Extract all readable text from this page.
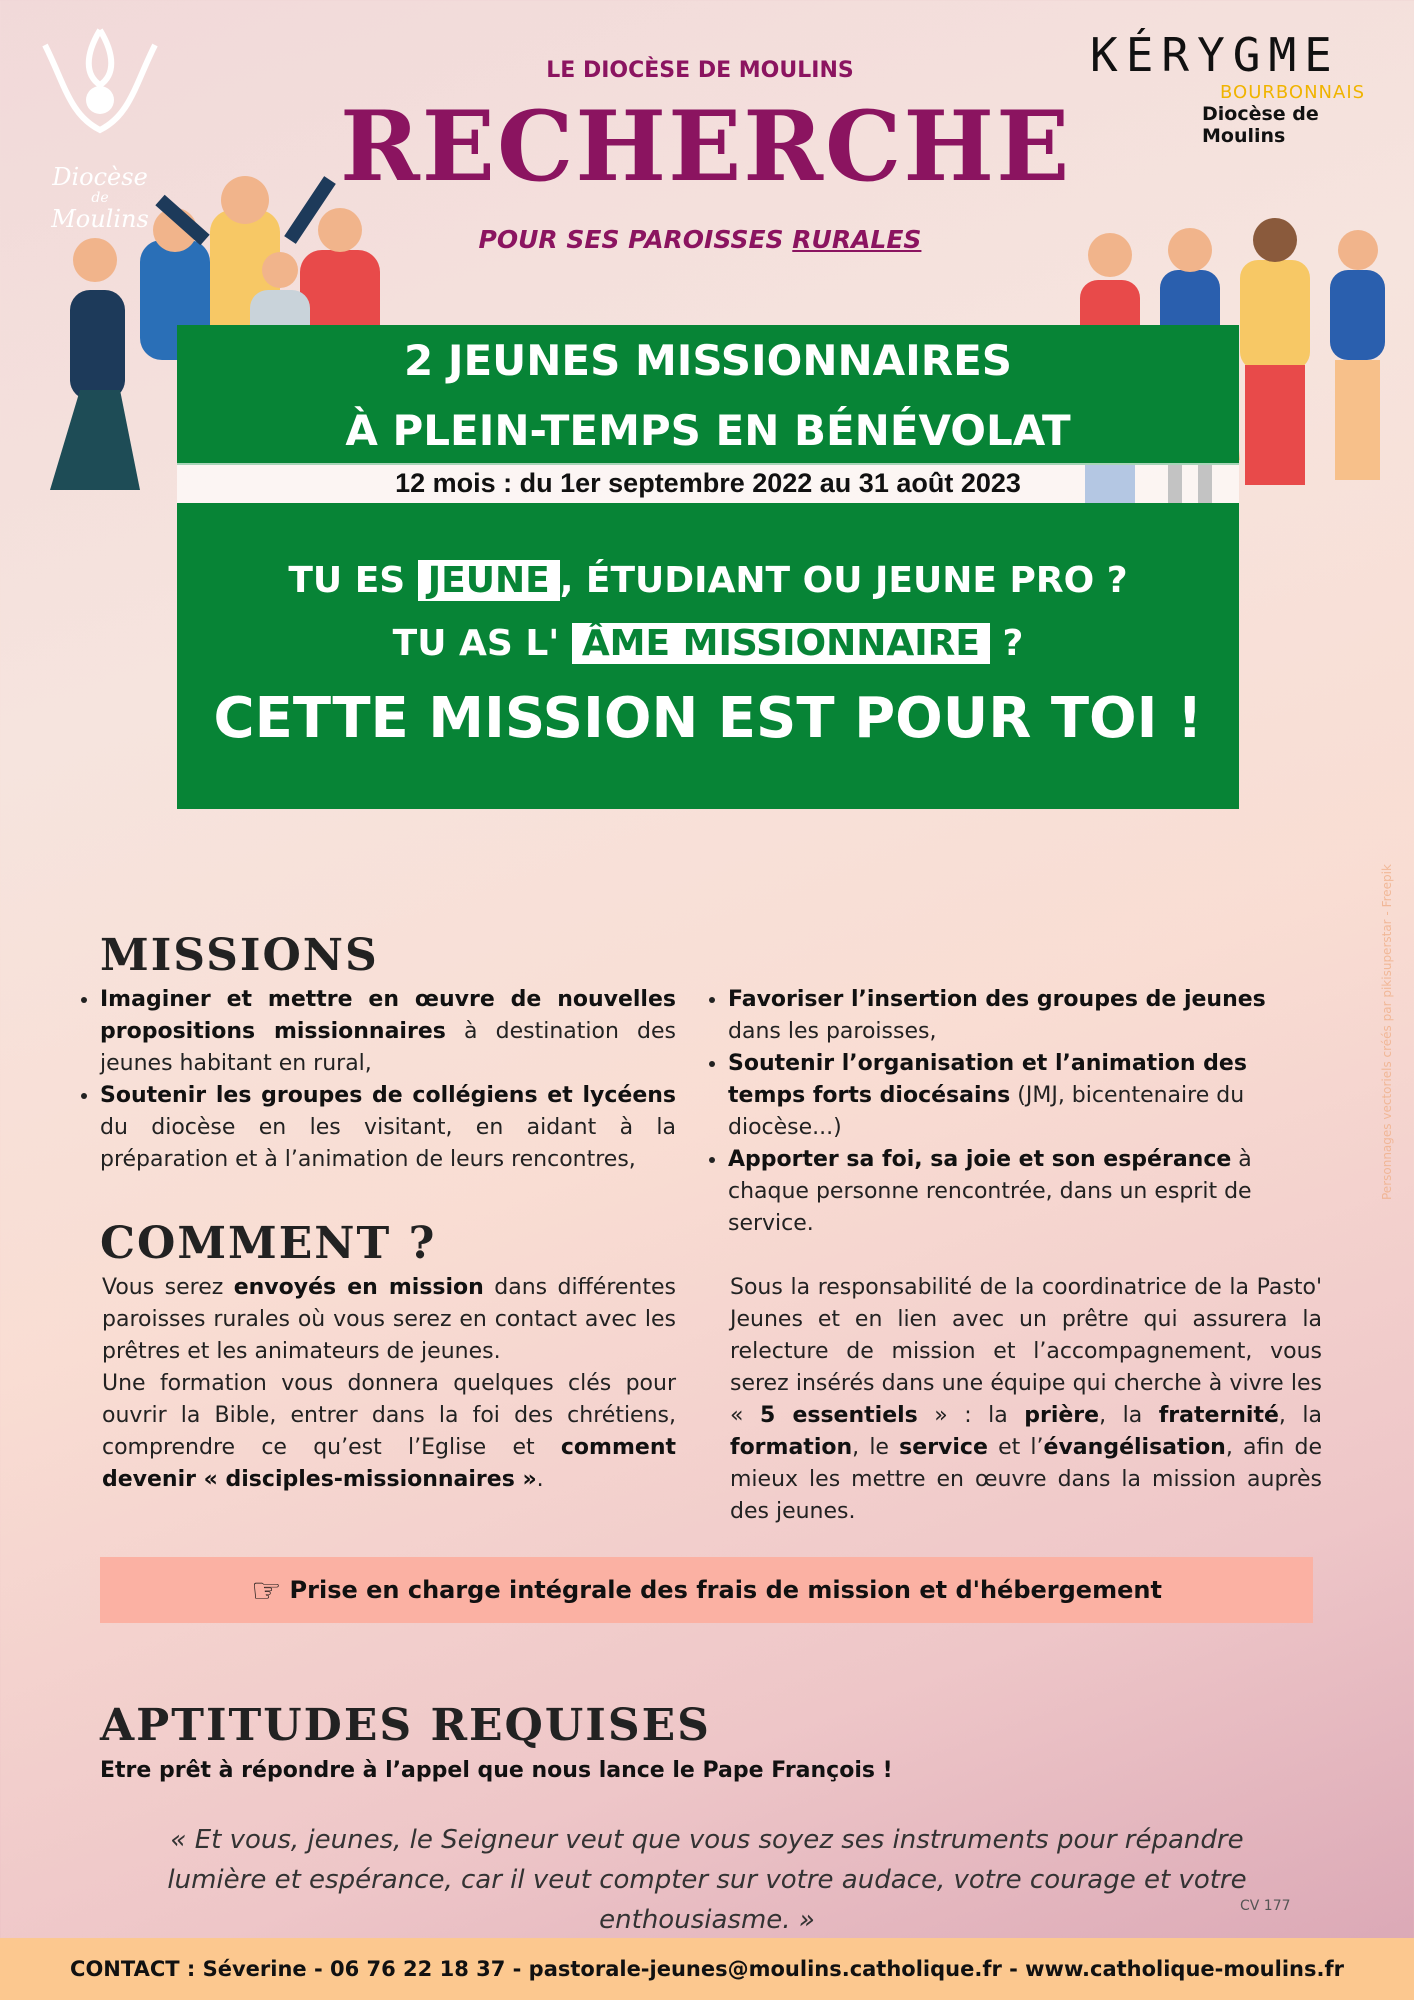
Diocèse
de
Moulins
KÉRYGME
BOURBONNAIS
Diocèse de Moulins
LE DIOCÈSE DE MOULINS
RECHERCHE
POUR SES PAROISSES RURALES
2 JEUNES MISSIONNAIRES
À PLEIN-TEMPS EN BÉNÉVOLAT
12 mois : du 1er septembre 2022 au 31 août 2023
TU ES JEUNE , ÉTUDIANT OU JEUNE PRO ?
TU AS L' ÂME MISSIONNAIRE ?
CETTE MISSION EST POUR TOI !
MISSIONS
• Imaginer et mettre en œuvre de nouvelles propositions missionnaires à destination des jeunes habitant en rural,
• Soutenir les groupes de collégiens et lycéens du diocèse en les visitant, en aidant à la préparation et à l’animation de leurs rencontres,
• Favoriser l’insertion des groupes de jeunes dans les paroisses,
• Soutenir l’organisation et l’animation des temps forts diocésains (JMJ, bicentenaire du diocèse...)
• Apporter sa foi, sa joie et son espérance à chaque personne rencontrée, dans un esprit de service.
COMMENT ?
Vous serez envoyés en mission dans différentes paroisses rurales où vous serez en contact avec les prêtres et les animateurs de jeunes.
Une formation vous donnera quelques clés pour ouvrir la Bible, entrer dans la foi des chrétiens, comprendre ce qu’est l’Eglise et comment devenir « disciples-missionnaires ».
Sous la responsabilité de la coordinatrice de la Pasto' Jeunes et en lien avec un prêtre qui assurera la relecture de mission et l’accompagnement, vous serez insérés dans une équipe qui cherche à vivre les « 5 essentiels » : la prière, la fraternité, la formation, le service et l’évangélisation, afin de mieux les mettre en œuvre dans la mission auprès des jeunes.
☞ Prise en charge intégrale des frais de mission et d'hébergement
APTITUDES REQUISES
Etre prêt à répondre à l’appel que nous lance le Pape François !
« Et vous, jeunes, le Seigneur veut que vous soyez ses instruments pour répandre lumière et espérance, car il veut compter sur votre audace, votre courage et votre enthousiasme. »	CV 177
Personnages vectoriels créés par pikisuperstar - Freepik
CONTACT : Séverine - 06 76 22 18 37 - pastorale-jeunes@moulins.catholique.fr - www.catholique-moulins.fr
